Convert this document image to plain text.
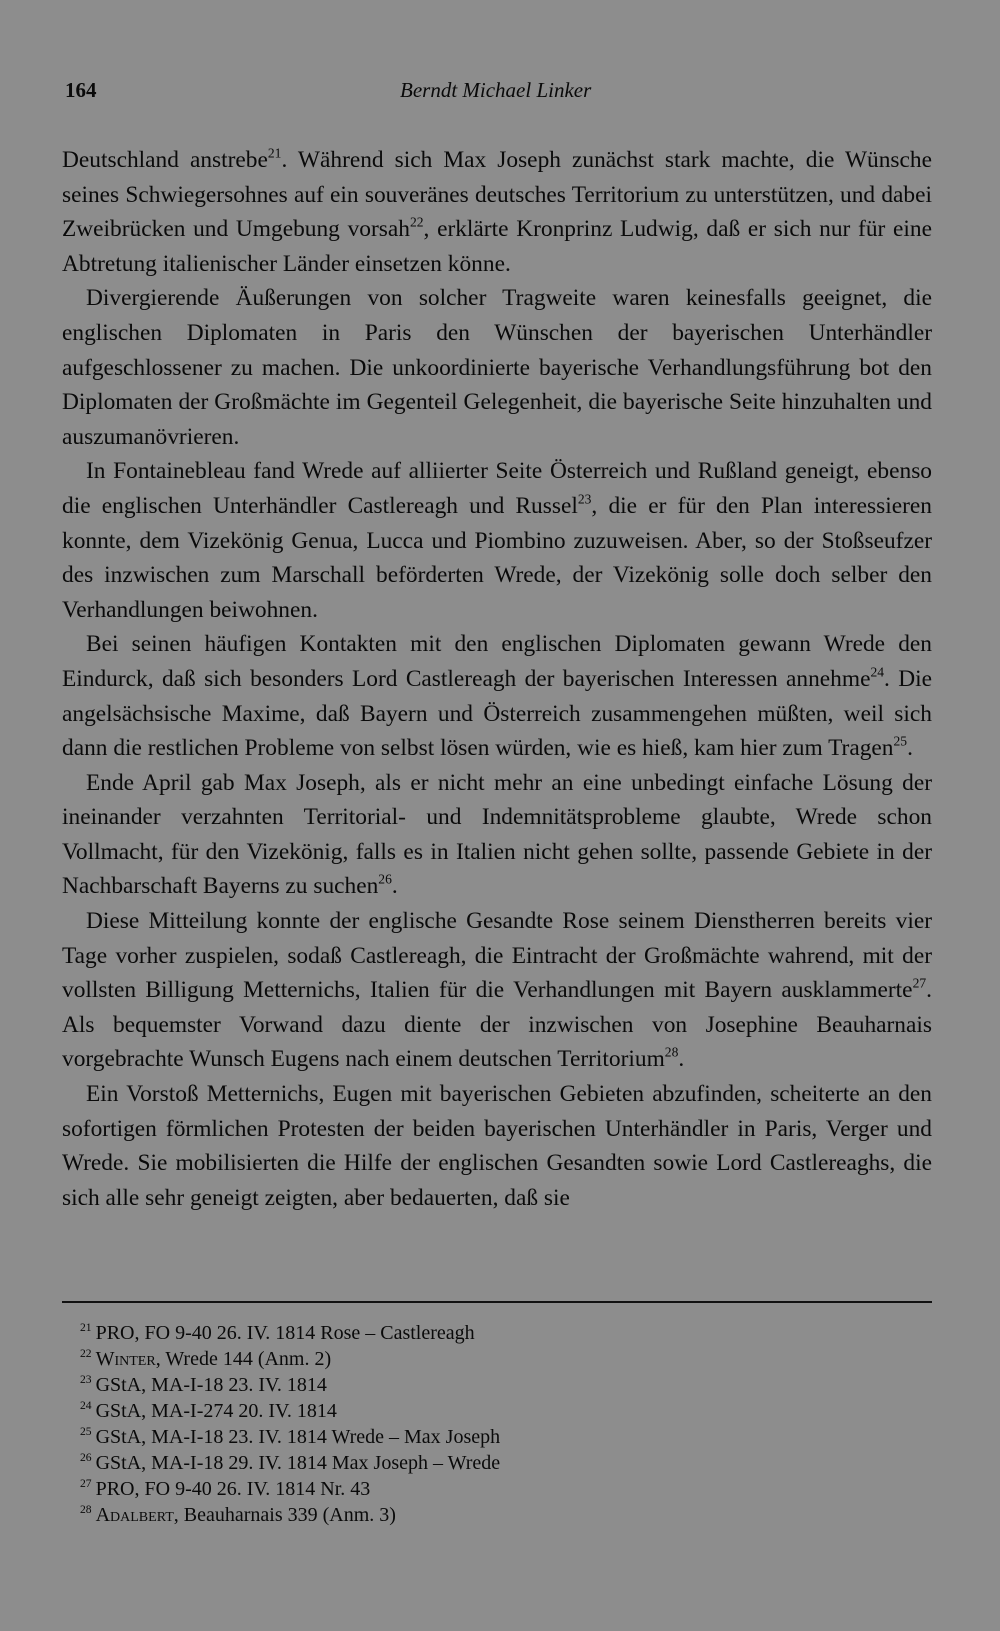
164	Berndt Michael Linker

Deutschland anstrebe$^{21}$. Während sich Max Joseph zunächst stark machte, die Wünsche seines Schwiegersohnes auf ein souveränes deutsches Territorium zu unterstützen, und dabei Zweibrücken und Umgebung vorsah$^{22}$, erklärte Kronprinz Ludwig, daß er sich nur für eine Abtretung italienischer Länder einsetzen könne.

Divergierende Äußerungen von solcher Tragweite waren keinesfalls geeignet, die englischen Diplomaten in Paris den Wünschen der bayerischen Unterhändler aufgeschlossener zu machen. Die unkoordinierte bayerische Verhandlungsführung bot den Diplomaten der Großmächte im Gegenteil Gelegenheit, die bayerische Seite hinzuhalten und auszumanövrieren.

In Fontainebleau fand Wrede auf alliierter Seite Österreich und Rußland geneigt, ebenso die englischen Unterhändler Castlereagh und Russel$^{23}$, die er für den Plan interessieren konnte, dem Vizekönig Genua, Lucca und Piombino zuzuweisen. Aber, so der Stoßseufzer des inzwischen zum Marschall beförderten Wrede, der Vizekönig solle doch selber den Verhandlungen beiwohnen.

Bei seinen häufigen Kontakten mit den englischen Diplomaten gewann Wrede den Eindurck, daß sich besonders Lord Castlereagh der bayerischen Interessen annehme$^{24}$. Die angelsächsische Maxime, daß Bayern und Österreich zusammengehen müßten, weil sich dann die restlichen Probleme von selbst lösen würden, wie es hieß, kam hier zum Tragen$^{25}$.

Ende April gab Max Joseph, als er nicht mehr an eine unbedingt einfache Lösung der ineinander verzahnten Territorial- und Indemnitätsprobleme glaubte, Wrede schon Vollmacht, für den Vizekönig, falls es in Italien nicht gehen sollte, passende Gebiete in der Nachbarschaft Bayerns zu suchen$^{26}$.

Diese Mitteilung konnte der englische Gesandte Rose seinem Dienstherren bereits vier Tage vorher zuspielen, sodaß Castlereagh, die Eintracht der Großmächte wahrend, mit der vollsten Billigung Metternichs, Italien für die Verhandlungen mit Bayern ausklammerte$^{27}$. Als bequemster Vorwand dazu diente der inzwischen von Josephine Beauharnais vorgebrachte Wunsch Eugens nach einem deutschen Territorium$^{28}$.

Ein Vorstoß Metternichs, Eugen mit bayerischen Gebieten abzufinden, scheiterte an den sofortigen förmlichen Protesten der beiden bayerischen Unterhändler in Paris, Verger und Wrede. Sie mobilisierten die Hilfe der englischen Gesandten sowie Lord Castlereaghs, die sich alle sehr geneigt zeigten, aber bedauerten, daß sie

$^{21}$ PRO, FO 9-40 26. IV. 1814 Rose – Castlereagh
$^{22}$ Winter, Wrede 144 (Anm. 2)
$^{23}$ GStA, MA-I-18 23. IV. 1814
$^{24}$ GStA, MA-I-274 20. IV. 1814
$^{25}$ GStA, MA-I-18 23. IV. 1814 Wrede – Max Joseph
$^{26}$ GStA, MA-I-18 29. IV. 1814 Max Joseph – Wrede
$^{27}$ PRO, FO 9-40 26. IV. 1814 Nr. 43
$^{28}$ Adalbert, Beauharnais 339 (Anm. 3)
